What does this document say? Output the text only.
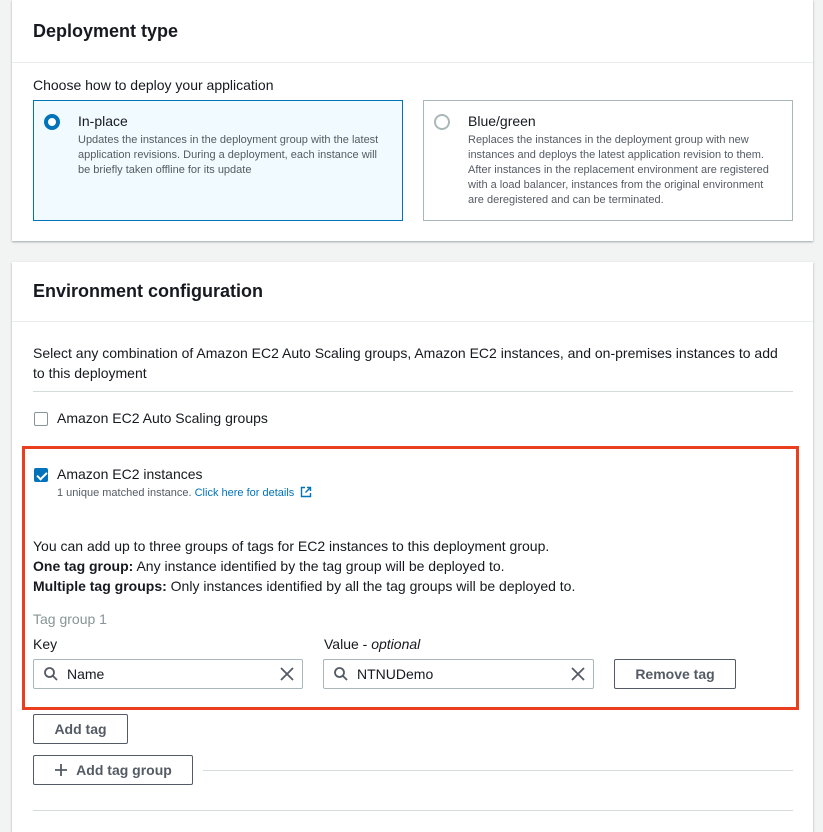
Deployment type
Choose how to deploy your application
In-place
Updates the instances in the deployment group with the latest application revisions. During a deployment, each instance will be briefly taken offline for its update
Blue/green
Replaces the instances in the deployment group with new instances and deploys the latest application revision to them. After instances in the replacement environment are registered with a load balancer, instances from the original environment are deregistered and can be terminated.
Environment configuration
Select any combination of Amazon EC2 Auto Scaling groups, Amazon EC2 instances, and on-premises instances to add to this deployment
Amazon EC2 Auto Scaling groups
Amazon EC2 instances
1 unique matched instance. Click here for details
You can add up to three groups of tags for EC2 instances to this deployment group.
One tag group: Any instance identified by the tag group will be deployed to.
Multiple tag groups: Only instances identified by all the tag groups will be deployed to.
Tag group 1
Key	Value - optional
Name	NTNUDemo	Remove tag
Add tag
Add tag group
